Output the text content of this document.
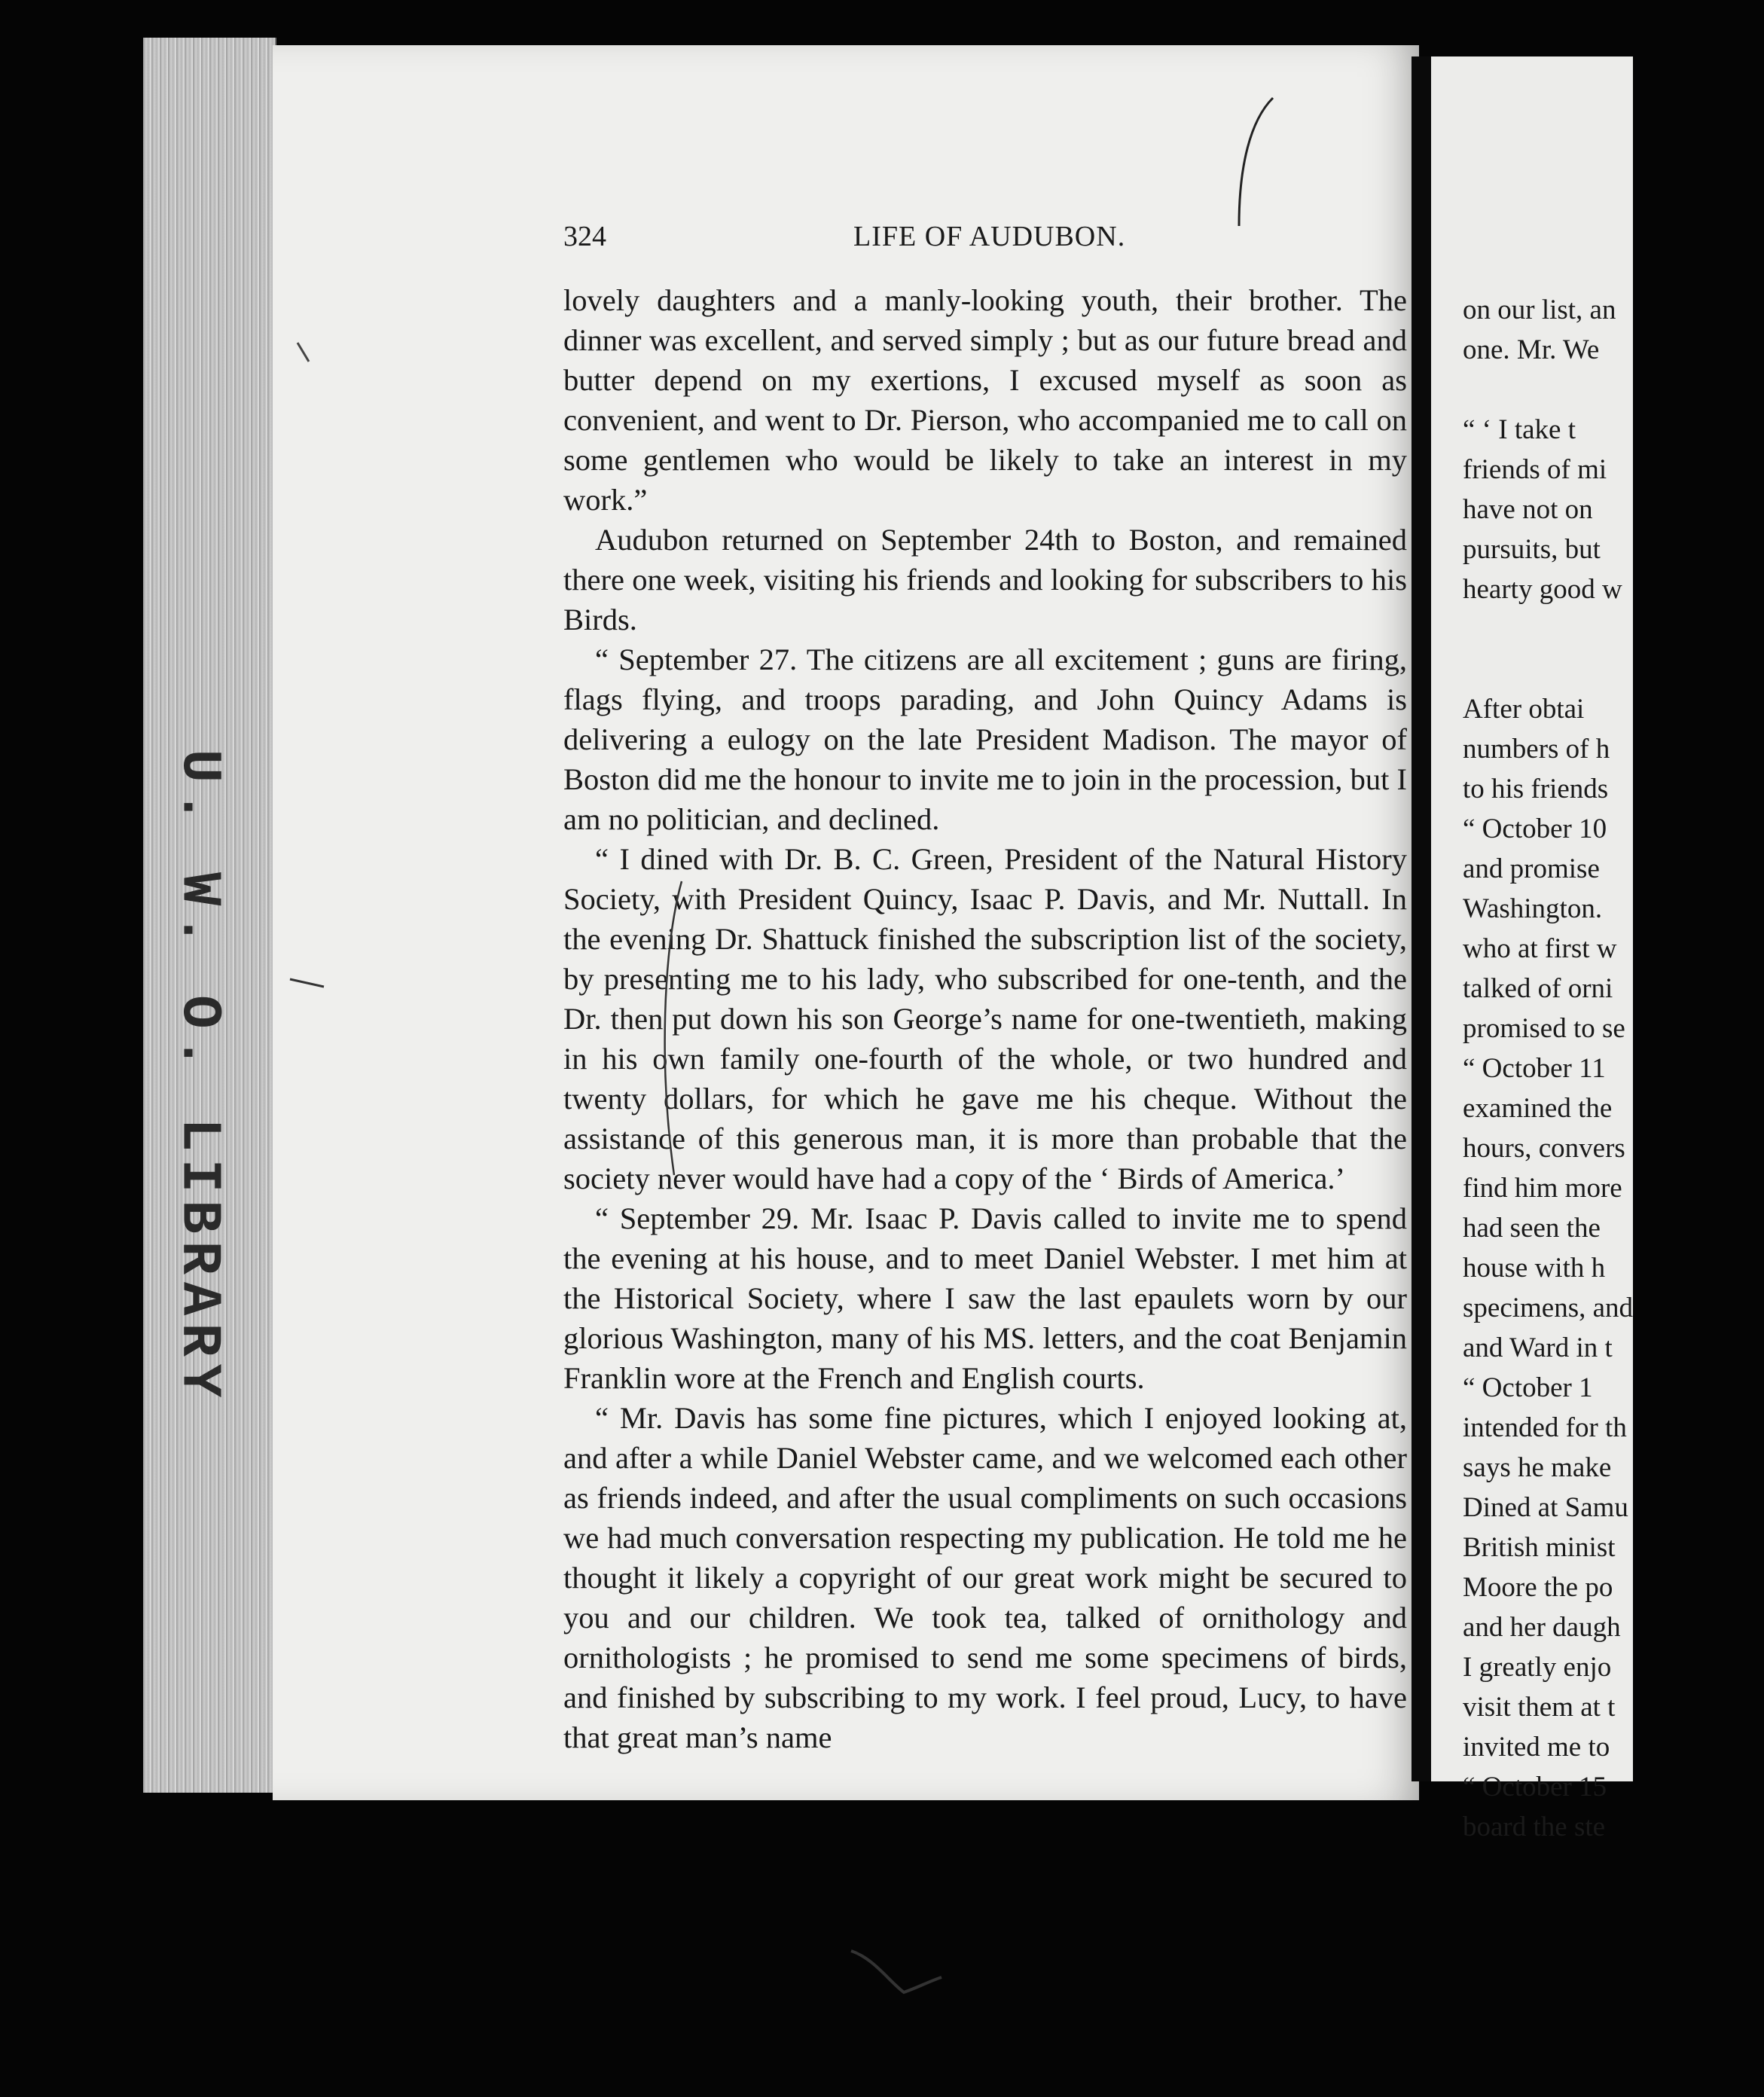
U. W. O. LIBRARY
324	LIFE OF AUDUBON.

lovely daughters and a manly-looking youth, their brother. The dinner was excellent, and served simply ; but as our future bread and butter depend on my exertions, I excused myself as soon as convenient, and went to Dr. Pierson, who accompanied me to call on some gentlemen who would be likely to take an interest in my work.”

Audubon returned on September 24th to Boston, and remained there one week, visiting his friends and looking for subscribers to his Birds.

“ September 27. The citizens are all excitement ; guns are firing, flags flying, and troops parading, and John Quincy Adams is delivering a eulogy on the late President Madison. The mayor of Boston did me the honour to invite me to join in the procession, but I am no politician, and declined.

“ I dined with Dr. B. C. Green, President of the Natural History Society, with President Quincy, Isaac P. Davis, and Mr. Nuttall. In the evening Dr. Shattuck finished the subscription list of the society, by presenting me to his lady, who subscribed for one-tenth, and the Dr. then put down his son George’s name for one-twentieth, making in his own family one-fourth of the whole, or two hundred and twenty dollars, for which he gave me his cheque. Without the assistance of this generous man, it is more than probable that the society never would have had a copy of the ‘ Birds of America.’

“ September 29. Mr. Isaac P. Davis called to invite me to spend the evening at his house, and to meet Daniel Webster. I met him at the Historical Society, where I saw the last epaulets worn by our glorious Washington, many of his MS. letters, and the coat Benjamin Franklin wore at the French and English courts.

“ Mr. Davis has some fine pictures, which I enjoyed looking at, and after a while Daniel Webster came, and we welcomed each other as friends indeed, and after the usual compliments on such occasions we had much conversation respecting my publication. He told me he thought it likely a copyright of our great work might be secured to you and our children. We took tea, talked of ornithology and ornithologists ; he promised to send me some specimens of birds, and finished by subscribing to my work. I feel proud, Lucy, to have that great man’s name

on our list, an
one. Mr. We
“ ‘ I take t
friends of mi
have not on
pursuits, but
hearty good w
After obtai
numbers of h
to his friends
“ October 10
and promise
Washington.
who at first w
talked of orni
promised to se
“ October 11
examined the
hours, convers
find him more
had seen the
house with h
specimens, and
and Ward in t
“ October 1
intended for th
says he make
Dined at Samu
British minist
Moore the po
and her daugh
I greatly enjo
visit them at t
invited me to
“ October 15
board the ste
